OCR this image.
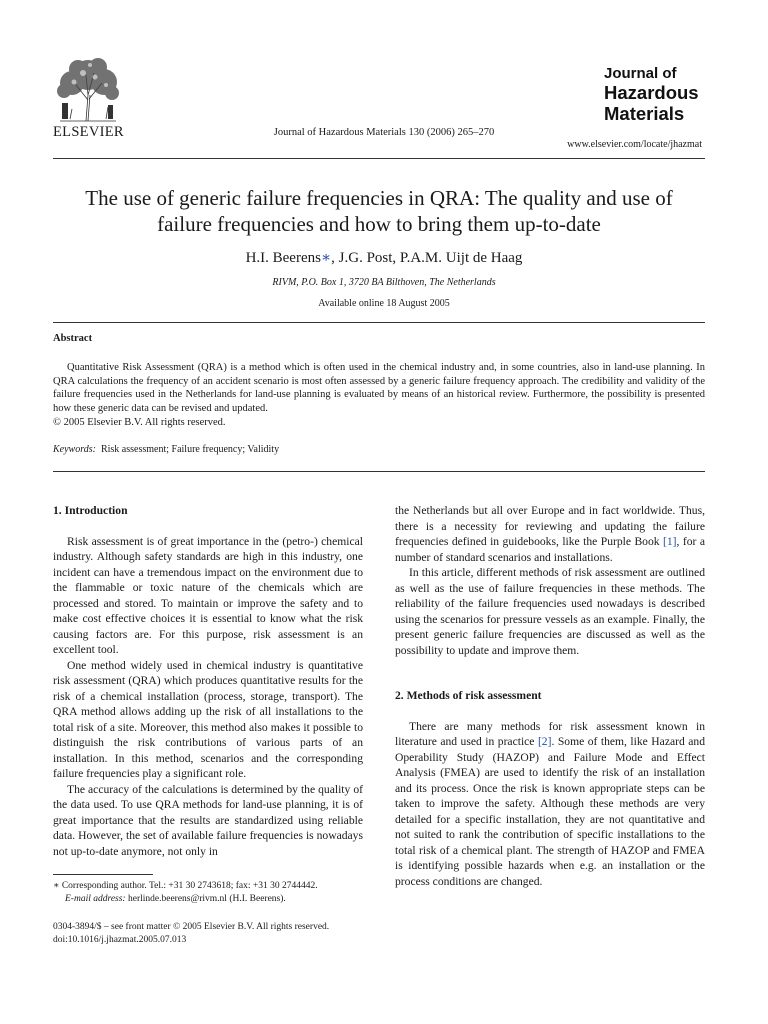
ELSEVIER	Journal of Hazardous Materials 130 (2006) 265–270
Journal of
Hazardous
Materials
www.elsevier.com/locate/jhazmat
The use of generic failure frequencies in QRA: The quality and use of
failure frequencies and how to bring them up-to-date
H.I. Beerens∗, J.G. Post, P.A.M. Uijt de Haag
RIVM, P.O. Box 1, 3720 BA Bilthoven, The Netherlands
Available online 18 August 2005
Abstract
Quantitative Risk Assessment (QRA) is a method which is often used in the chemical industry and, in some countries, also in land-use planning. In QRA calculations the frequency of an accident scenario is most often assessed by a generic failure frequency approach. The credibility and validity of the failure frequencies used in the Netherlands for land-use planning is evaluated by means of an historical review. Furthermore, the possibility is presented how these generic data can be revised and updated.
© 2005 Elsevier B.V. All rights reserved.
Keywords: Risk assessment; Failure frequency; Validity
1. Introduction

Risk assessment is of great importance in the (petro-) chemical industry. Although safety standards are high in this industry, one incident can have a tremendous impact on the environment due to the flammable or toxic nature of the chemicals which are processed and stored. To maintain or improve the safety and to make cost effective choices it is essential to know what the risk causing factors are. For this purpose, risk assessment is an excellent tool.

One method widely used in chemical industry is quantitative risk assessment (QRA) which produces quantitative results for the risk of a chemical installation (process, storage, transport). The QRA method allows adding up the risk of all installations to the total risk of a site. Moreover, this method also makes it possible to distinguish the risk contributions of various parts of an installation. In this method, scenarios and the corresponding failure frequencies play a significant role.

The accuracy of the calculations is determined by the quality of the data used. To use QRA methods for land-use planning, it is of great importance that the results are standardized using reliable data. However, the set of available failure frequencies is nowadays not up-to-date anymore, not only in

the Netherlands but all over Europe and in fact worldwide. Thus, there is a necessity for reviewing and updating the failure frequencies defined in guidebooks, like the Purple Book [1], for a number of standard scenarios and installations.

In this article, different methods of risk assessment are outlined as well as the use of failure frequencies in these methods. The reliability of the failure frequencies used nowadays is described using the scenarios for pressure vessels as an example. Finally, the present generic failure frequencies are discussed as well as the possibility to update and improve them.

2. Methods of risk assessment

There are many methods for risk assessment known in literature and used in practice [2]. Some of them, like Hazard and Operability Study (HAZOP) and Failure Mode and Effect Analysis (FMEA) are used to identify the risk of an installation and its process. Once the risk is known appropriate steps can be taken to improve the safety. Although these methods are very detailed for a specific installation, they are not quantitative and not suited to rank the contribution of specific installations to the total risk of a chemical plant. The strength of HAZOP and FMEA is identifying possible hazards when e.g. an installation or the process conditions are changed.

∗ Corresponding author. Tel.: +31 30 2743618; fax: +31 30 2744442.
E-mail address: herlinde.beerens@rivm.nl (H.I. Beerens).
0304-3894/$ – see front matter © 2005 Elsevier B.V. All rights reserved.
doi:10.1016/j.jhazmat.2005.07.013
